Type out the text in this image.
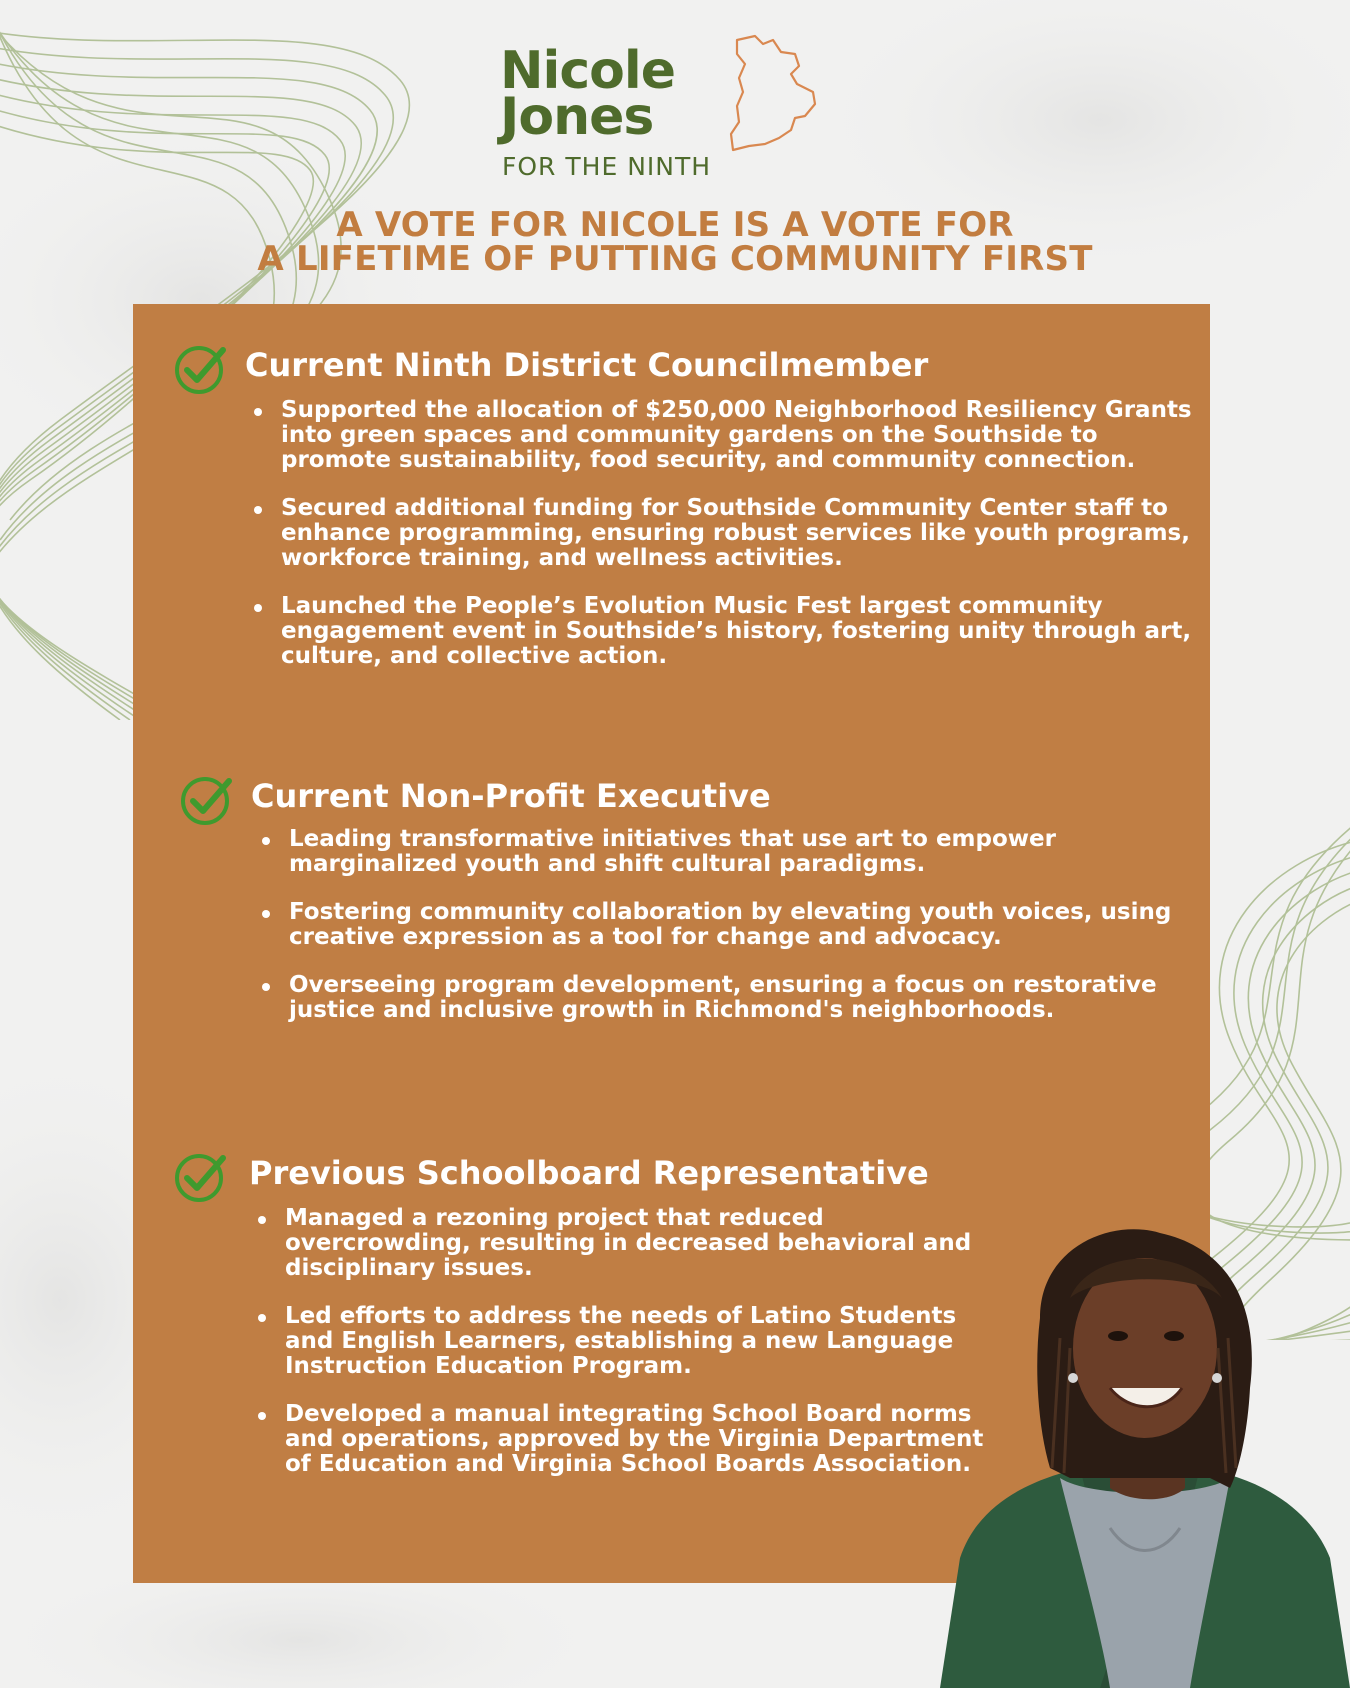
Nicole
Jones
FOR THE NINTH
A VOTE FOR NICOLE IS A VOTE FOR
A LIFETIME OF PUTTING COMMUNITY FIRST
Current Ninth District Councilmember
Supported the allocation of $250,000 Neighborhood Resiliency Grants into green spaces and community gardens on the Southside to promote sustainability, food security, and community connection.
Secured additional funding for Southside Community Center staff to enhance programming, ensuring robust services like youth programs, workforce training, and wellness activities.
Launched the People’s Evolution Music Fest largest community engagement event in Southside’s history, fostering unity through art, culture, and collective action.
Current Non-Profit Executive
Leading transformative initiatives that use art to empower marginalized youth and shift cultural paradigms.
Fostering community collaboration by elevating youth voices, using creative expression as a tool for change and advocacy.
Overseeing program development, ensuring a focus on restorative justice and inclusive growth in Richmond's neighborhoods.
Previous Schoolboard Representative
Managed a rezoning project that reduced overcrowding, resulting in decreased behavioral and disciplinary issues.
Led efforts to address the needs of Latino Students and English Learners, establishing a new Language Instruction Education Program.
Developed a manual integrating School Board norms and operations, approved by the Virginia Department of Education and Virginia School Boards Association.
